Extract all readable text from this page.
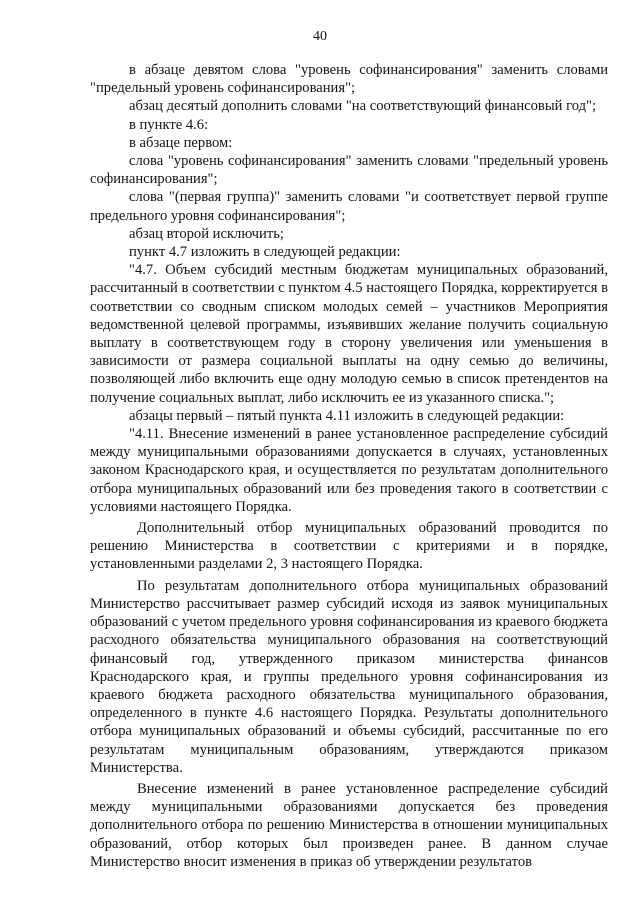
40

в абзаце девятом слова "уровень софинансирования" заменить словами "предельный уровень софинансирования";

абзац десятый дополнить словами "на соответствующий финансовый год";

в пункте 4.6:

в абзаце первом:

слова "уровень софинансирования" заменить словами "предельный уровень софинансирования";

слова "(первая группа)" заменить словами "и соответствует первой группе предельного уровня софинансирования";

абзац второй исключить;

пункт 4.7 изложить в следующей редакции:

"4.7. Объем субсидий местным бюджетам муниципальных образований, рассчитанный в соответствии с пунктом 4.5 настоящего Порядка, корректируется в соответствии со сводным списком молодых семей – участников Мероприятия ведомственной целевой программы, изъявивших желание получить социальную выплату в соответствующем году в сторону увеличения или уменьшения в зависимости от размера социальной выплаты на одну семью до величины, позволяющей либо включить еще одну молодую семью в список претендентов на получение социальных выплат, либо исключить ее из указанного списка.";

абзацы первый – пятый пункта 4.11 изложить в следующей редакции:

"4.11. Внесение изменений в ранее установленное распределение субсидий между муниципальными образованиями допускается в случаях, установленных законом Краснодарского края, и осуществляется по результатам дополнительного отбора муниципальных образований или без проведения такого в соответствии с условиями настоящего Порядка.

Дополнительный отбор муниципальных образований проводится по решению Министерства в соответствии с критериями и в порядке, установленными разделами 2, 3 настоящего Порядка.

По результатам дополнительного отбора муниципальных образований Министерство рассчитывает размер субсидий исходя из заявок муниципальных образований с учетом предельного уровня софинансирования из краевого бюджета расходного обязательства муниципального образования на соответствующий финансовый год, утвержденного приказом министерства финансов Краснодарского края, и группы предельного уровня софинансирования из краевого бюджета расходного обязательства муниципального образования, определенного в пункте 4.6 настоящего Порядка. Результаты дополнительного отбора муниципальных образований и объемы субсидий, рассчитанные по его результатам муниципальным образованиям, утверждаются приказом Министерства.

Внесение изменений в ранее установленное распределение субсидий между муниципальными образованиями допускается без проведения дополнительного отбора по решению Министерства в отношении муниципальных образований, отбор которых был произведен ранее. В данном случае Министерство вносит изменения в приказ об утверждении результатов
